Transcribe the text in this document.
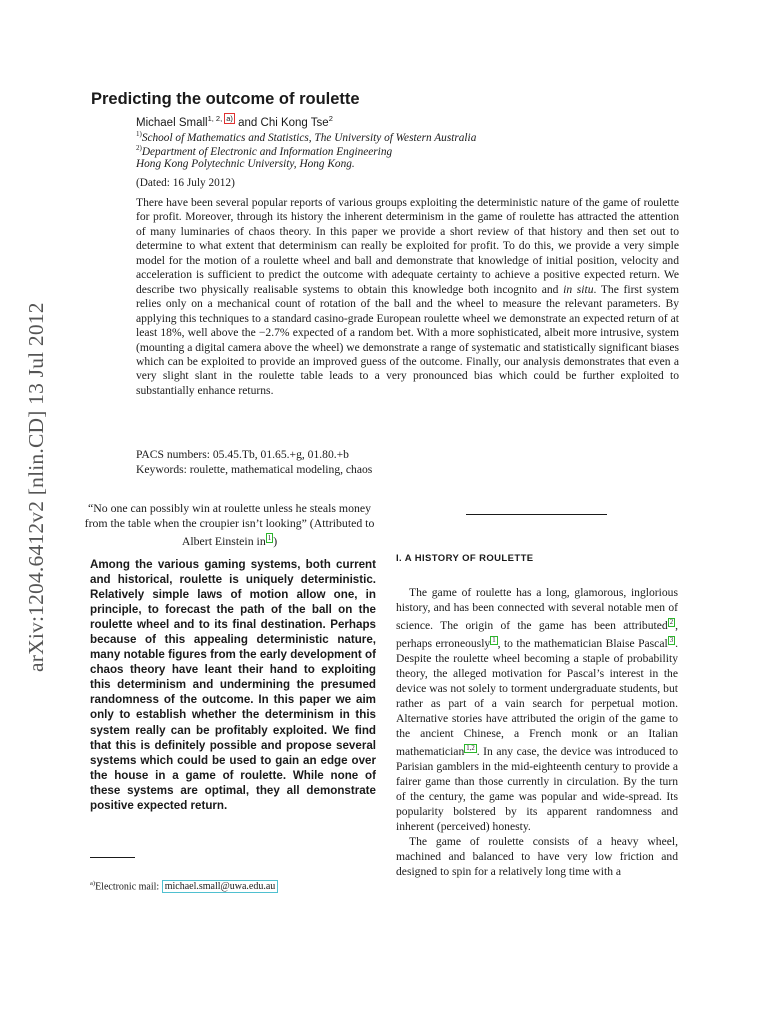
arXiv:1204.6412v2 [nlin.CD] 13 Jul 2012
Predicting the outcome of roulette
Michael Small$^{1, 2,}$ $^{a)}$ and Chi Kong Tse$^2$
$^{1)}$School of Mathematics and Statistics, The University of Western Australia
$^{2)}$Department of Electronic and Information Engineering
Hong Kong Polytechnic University, Hong Kong.
(Dated: 16 July 2012)

There have been several popular reports of various groups exploiting the deterministic nature of the game of roulette for profit. Moreover, through its history the inherent determinism in the game of roulette has attracted the attention of many luminaries of chaos theory. In this paper we provide a short review of that history and then set out to determine to what extent that determinism can really be exploited for profit. To do this, we provide a very simple model for the motion of a roulette wheel and ball and demonstrate that knowledge of initial position, velocity and acceleration is sufficient to predict the outcome with adequate certainty to achieve a positive expected return. We describe two physically realisable systems to obtain this knowledge both incognito and in situ. The first system relies only on a mechanical count of rotation of the ball and the wheel to measure the relevant parameters. By applying this techniques to a standard casino-grade European roulette wheel we demonstrate an expected return of at least 18%, well above the −2.7% expected of a random bet. With a more sophisticated, albeit more intrusive, system (mounting a digital camera above the wheel) we demonstrate a range of systematic and statistically significant biases which can be exploited to provide an improved guess of the outcome. Finally, our analysis demonstrates that even a very slight slant in the roulette table leads to a very pronounced bias which could be further exploited to substantially enhance returns.

PACS numbers: 05.45.Tb, 01.65.+g, 01.80.+b
Keywords: roulette, mathematical modeling, chaos

“No one can possibly win at roulette unless he steals money from the table when the croupier isn’t looking” (Attributed to Albert Einstein in $^1$ )

Among the various gaming systems, both current and historical, roulette is uniquely deterministic. Relatively simple laws of motion allow one, in principle, to forecast the path of the ball on the roulette wheel and to its final destination. Perhaps because of this appealing deterministic nature, many notable figures from the early development of chaos theory have leant their hand to exploiting this determinism and undermining the presumed randomness of the outcome. In this paper we aim only to establish whether the determinism in this system really can be profitably exploited. We find that this is definitely possible and propose several systems which could be used to gain an edge over the house in a game of roulette. While none of these systems are optimal, they all demonstrate positive expected return.

$^{a)}$Electronic mail: michael.small@uwa.edu.au
I. A HISTORY OF ROULETTE

The game of roulette has a long, glamorous, inglorious history, and has been connected with several notable men of science. The origin of the game has been attributed $^2$ , perhaps erroneously $^1$ , to the mathematician Blaise Pascal $^3$ . Despite the roulette wheel becoming a staple of probability theory, the alleged motivation for Pascal’s interest in the device was not solely to torment undergraduate students, but rather as part of a vain search for perpetual motion. Alternative stories have attributed the origin of the game to the ancient Chinese, a French monk or an Italian mathematician $^{1,2}$ . In any case, the device was introduced to Parisian gamblers in the mid-eighteenth century to provide a fairer game than those currently in circulation. By the turn of the century, the game was popular and wide-spread. Its popularity bolstered by its apparent randomness and inherent (perceived) honesty.

The game of roulette consists of a heavy wheel, machined and balanced to have very low friction and designed to spin for a relatively long time with a
